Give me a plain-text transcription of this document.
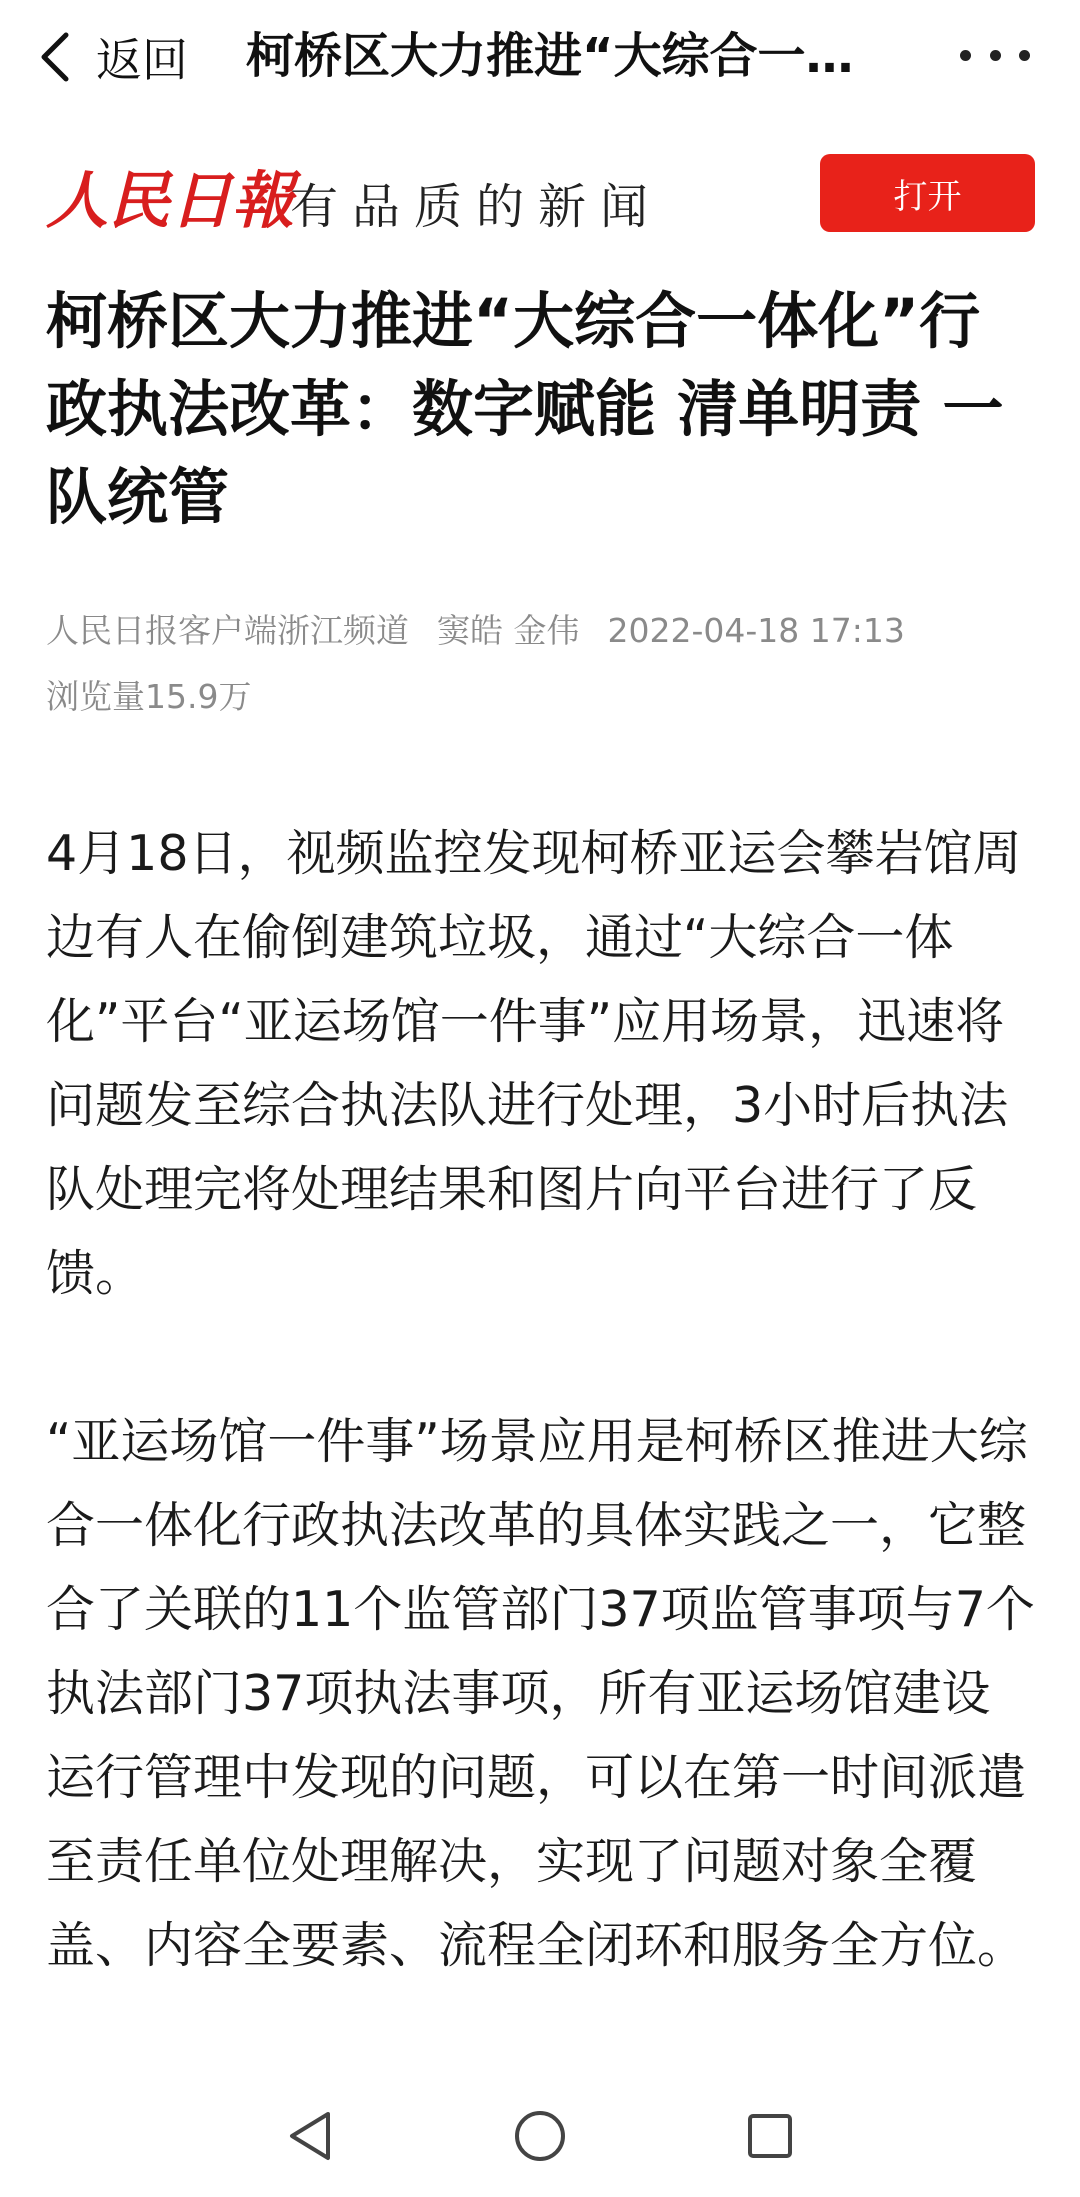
返回 柯桥区大力推进“大综合一…
人民日報
有品质的新闻	打开
柯桥区大力推进“大综合一体化”行政执法改革：数字赋能 清单明责 一队统管
人民日报客户端浙江频道 窦皓 金伟 2022-04-18 17:13
浏览量15.9万

4月18日，视频监控发现柯桥亚运会攀岩馆周边有人在偷倒建筑垃圾，通过“大综合一体化”平台“亚运场馆一件事”应用场景，迅速将问题发至综合执法队进行处理，3小时后执法队处理完将处理结果和图片向平台进行了反馈。

“亚运场馆一件事”场景应用是柯桥区推进大综合一体化行政执法改革的具体实践之一，它整合了关联的11个监管部门37项监管事项与7个执法部门37项执法事项，所有亚运场馆建设运行管理中发现的问题，可以在第一时间派遣至责任单位处理解决，实现了问题对象全覆盖、内容全要素、流程全闭环和服务全方位。
